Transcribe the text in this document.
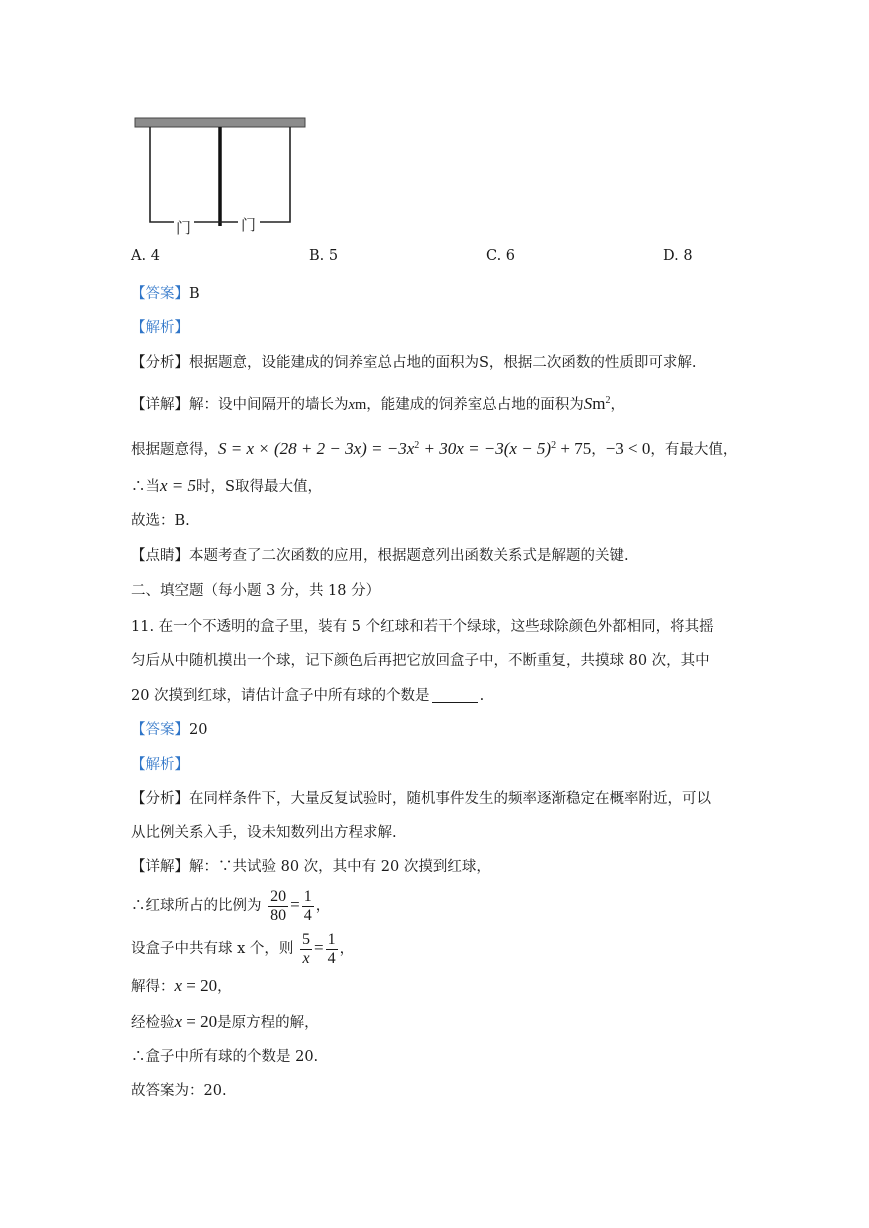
门	门
A. 4	B. 5	C. 6	D. 8
【答案】B
【解析】
【分析】根据题意，设能建成的饲养室总占地的面积为S，根据二次函数的性质即可求解.
【详解】解：设中间隔开的墙长为xm，能建成的饲养室总占地的面积为Sm$^2$，
根据题意得，$S = x \times (28 + 2 - 3x) = -3x^2 + 30x = -3(x - 5)^2 + 75$，−3 < 0，有最大值，
∴当x = 5时，S取得最大值，
故选：B.
【点睛】本题考查了二次函数的应用，根据题意列出函数关系式是解题的关键.
二、填空题（每小题 3 分，共 18 分）
11. 在一个不透明的盒子里，装有 5 个红球和若干个绿球，这些球除颜色外都相同，将其摇
匀后从中随机摸出一个球，记下颜色后再把它放回盒子中，不断重复，共摸球 80 次，其中
20 次摸到红球，请估计盒子中所有球的个数是	.
【答案】20
【解析】
【分析】在同样条件下，大量反复试验时，随机事件发生的频率逐渐稳定在概率附近，可以
从比例关系入手，设未知数列出方程求解.
【详解】解：∵共试验 80 次，其中有 20 次摸到红球，
∴红球所占的比例为 $\frac{20}{80} = \frac{1}{4}$ ，
设盒子中共有球 x 个，则 $\frac{5}{x} = \frac{1}{4}$ ，
解得：x = 20，
经检验x = 20是原方程的解，
∴盒子中所有球的个数是 20.
故答案为：20.
